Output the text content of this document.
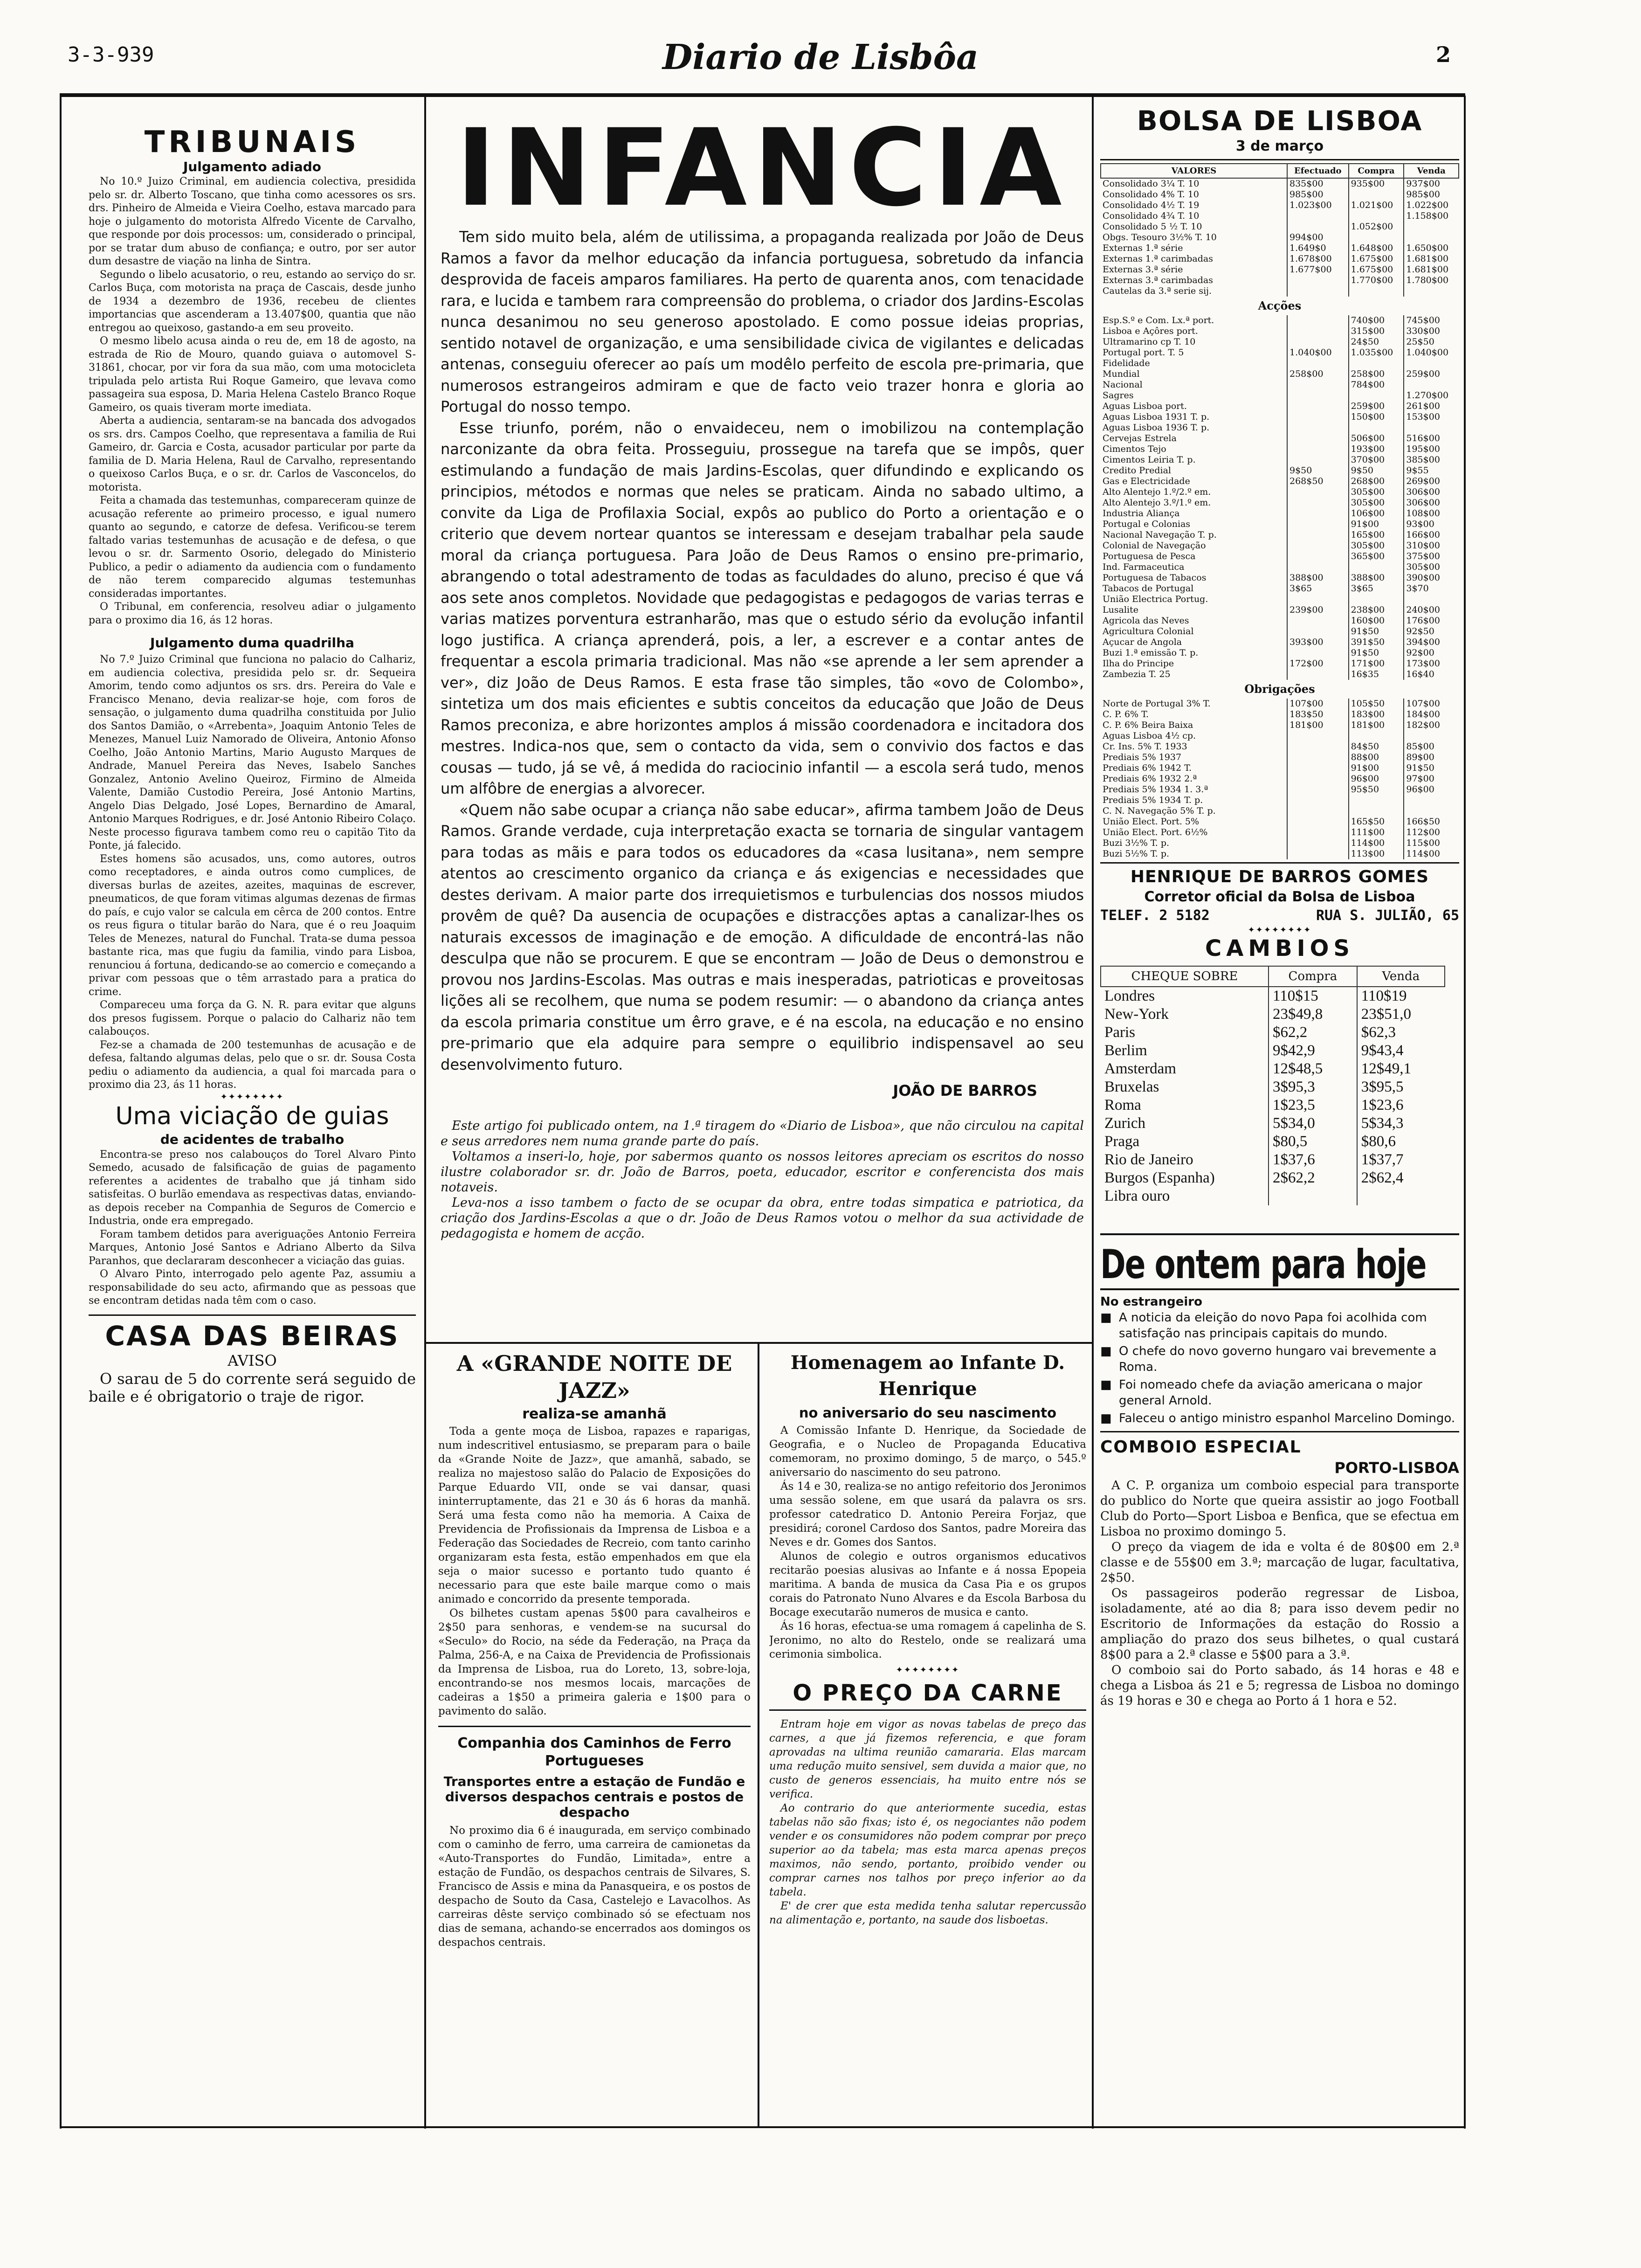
3-3-939	Diario de Lisbôa	2
TRIBUNAIS
Julgamento adiado

No 10.º Juizo Criminal, em audiencia colectiva, presidida pelo sr. dr. Alberto Toscano, que tinha como acessores os srs. drs. Pinheiro de Almeida e Vieira Coelho, estava marcado para hoje o julgamento do motorista Alfredo Vicente de Carvalho, que responde por dois processos: um, considerado o principal, por se tratar dum abuso de confiança; e outro, por ser autor dum desastre de viação na linha de Sintra.

Segundo o libelo acusatorio, o reu, estando ao serviço do sr. Carlos Buça, com motorista na praça de Cascais, desde junho de 1934 a dezembro de 1936, recebeu de clientes importancias que ascenderam a 13.407$00, quantia que não entregou ao queixoso, gastando-a em seu proveito.

O mesmo libelo acusa ainda o reu de, em 18 de agosto, na estrada de Rio de Mouro, quando guiava o automovel S-31861, chocar, por vir fora da sua mão, com uma motocicleta tripulada pelo artista Rui Roque Gameiro, que levava como passageira sua esposa, D. Maria Helena Castelo Branco Roque Gameiro, os quais tiveram morte imediata.

Aberta a audiencia, sentaram-se na bancada dos advogados os srs. drs. Campos Coelho, que representava a familia de Rui Gameiro, dr. Garcia e Costa, acusador particular por parte da familia de D. Maria Helena, Raul de Carvalho, representando o queixoso Carlos Buça, e o sr. dr. Carlos de Vasconcelos, do motorista.

Feita a chamada das testemunhas, compareceram quinze de acusação referente ao primeiro processo, e igual numero quanto ao segundo, e catorze de defesa. Verificou-se terem faltado varias testemunhas de acusação e de defesa, o que levou o sr. dr. Sarmento Osorio, delegado do Ministerio Publico, a pedir o adiamento da audiencia com o fundamento de não terem comparecido algumas testemunhas consideradas importantes.

O Tribunal, em conferencia, resolveu adiar o julgamento para o proximo dia 16, ás 12 horas.

Julgamento duma quadrilha

No 7.º Juizo Criminal que funciona no palacio do Calhariz, em audiencia colectiva, presidida pelo sr. dr. Sequeira Amorim, tendo como adjuntos os srs. drs. Pereira do Vale e Francisco Menano, devia realizar-se hoje, com foros de sensação, o julgamento duma quadrilha constituida por Julio dos Santos Damião, o «Arrebenta», Joaquim Antonio Teles de Menezes, Manuel Luiz Namorado de Oliveira, Antonio Afonso Coelho, João Antonio Martins, Mario Augusto Marques de Andrade, Manuel Pereira das Neves, Isabelo Sanches Gonzalez, Antonio Avelino Queiroz, Firmino de Almeida Valente, Damião Custodio Pereira, José Antonio Martins, Angelo Dias Delgado, José Lopes, Bernardino de Amaral, Antonio Marques Rodrigues, e dr. José Antonio Ribeiro Colaço. Neste processo figurava tambem como reu o capitão Tito da Ponte, já falecido.

Estes homens são acusados, uns, como autores, outros como receptadores, e ainda outros como cumplices, de diversas burlas de azeites, azeites, maquinas de escrever, pneumaticos, de que foram vitimas algumas dezenas de firmas do país, e cujo valor se calcula em cêrca de 200 contos. Entre os reus figura o titular barão do Nara, que é o reu Joaquim Teles de Menezes, natural do Funchal. Trata-se duma pessoa bastante rica, mas que fugiu da familia, vindo para Lisboa, renunciou á fortuna, dedicando-se ao comercio e começando a privar com pessoas que o têm arrastado para a pratica do crime.

Compareceu uma força da G. N. R. para evitar que alguns dos presos fugissem. Porque o palacio do Calhariz não tem calabouços.

Fez-se a chamada de 200 testemunhas de acusação e de defesa, faltando algumas delas, pelo que o sr. dr. Sousa Costa pediu o adiamento da audiencia, a qual foi marcada para o proximo dia 23, ás 11 horas.

✦✦✦✦✦✦✦✦
Uma viciação de guias
de acidentes de trabalho

Encontra-se preso nos calabouços do Torel Alvaro Pinto Semedo, acusado de falsificação de guias de pagamento referentes a acidentes de trabalho que já tinham sido satisfeitas. O burlão emendava as respectivas datas, enviando-as depois receber na Companhia de Seguros de Comercio e Industria, onde era empregado.

Foram tambem detidos para averiguações Antonio Ferreira Marques, Antonio José Santos e Adriano Alberto da Silva Paranhos, que declararam desconhecer a viciação das guias.

O Alvaro Pinto, interrogado pelo agente Paz, assumiu a responsabilidade do seu acto, afirmando que as pessoas que se encontram detidas nada têm com o caso.

CASA DAS BEIRAS
AVISO

O sarau de 5 do corrente será seguido de baile e é obrigatorio o traje de rigor.

INFANCIA

Tem sido muito bela, além de utilissima, a propaganda realizada por João de Deus Ramos a favor da melhor educação da infancia portuguesa, sobretudo da infancia desprovida de faceis amparos familiares. Ha perto de quarenta anos, com tenacidade rara, e lucida e tambem rara compreensão do problema, o criador dos Jardins-Escolas nunca desanimou no seu generoso apostolado. E como possue ideias proprias, sentido notavel de organização, e uma sensibilidade civica de vigilantes e delicadas antenas, conseguiu oferecer ao país um modêlo perfeito de escola pre-primaria, que numerosos estrangeiros admiram e que de facto veio trazer honra e gloria ao Portugal do nosso tempo.

Esse triunfo, porém, não o envaideceu, nem o imobilizou na contemplação narconizante da obra feita. Prosseguiu, prossegue na tarefa que se impôs, quer estimulando a fundação de mais Jardins-Escolas, quer difundindo e explicando os principios, métodos e normas que neles se praticam. Ainda no sabado ultimo, a convite da Liga de Profilaxia Social, expôs ao publico do Porto a orientação e o criterio que devem nortear quantos se interessam e desejam trabalhar pela saude moral da criança portuguesa. Para João de Deus Ramos o ensino pre-primario, abrangendo o total adestramento de todas as faculdades do aluno, preciso é que vá aos sete anos completos. Novidade que pedagogistas e pedagogos de varias terras e varias matizes porventura estranharão, mas que o estudo sério da evolução infantil logo justifica. A criança aprenderá, pois, a ler, a escrever e a contar antes de frequentar a escola primaria tradicional. Mas não «se aprende a ler sem aprender a ver», diz João de Deus Ramos. E esta frase tão simples, tão «ovo de Colombo», sintetiza um dos mais eficientes e subtis conceitos da educação que João de Deus Ramos preconiza, e abre horizontes amplos á missão coordenadora e incitadora dos mestres. Indica-nos que, sem o contacto da vida, sem o convivio dos factos e das cousas — tudo, já se vê, á medida do raciocinio infantil — a escola será tudo, menos um alfôbre de energias a alvorecer.

«Quem não sabe ocupar a criança não sabe educar», afirma tambem João de Deus Ramos. Grande verdade, cuja interpretação exacta se tornaria de singular vantagem para todas as mãis e para todos os educadores da «casa lusitana», nem sempre atentos ao crescimento organico da criança e ás exigencias e necessidades que destes derivam. A maior parte dos irrequietismos e turbulencias dos nossos miudos provêm de quê? Da ausencia de ocupações e distracções aptas a canalizar-lhes os naturais excessos de imaginação e de emoção. A dificuldade de encontrá-las não desculpa que não se procurem. E que se encontram — João de Deus o demonstrou e provou nos Jardins-Escolas. Mas outras e mais inesperadas, patrioticas e proveitosas lições ali se recolhem, que numa se podem resumir: — o abandono da criança antes da escola primaria constitue um êrro grave, e é na escola, na educação e no ensino pre-primario que ela adquire para sempre o equilibrio indispensavel ao seu desenvolvimento futuro.

JOÃO DE BARROS

Este artigo foi publicado ontem, na 1.ª tiragem do «Diario de Lisboa», que não circulou na capital e seus arredores nem numa grande parte do país.

Voltamos a inseri-lo, hoje, por sabermos quanto os nossos leitores apreciam os escritos do nosso ilustre colaborador sr. dr. João de Barros, poeta, educador, escritor e conferencista dos mais notaveis.

Leva-nos a isso tambem o facto de se ocupar da obra, entre todas simpatica e patriotica, da criação dos Jardins-Escolas a que o dr. João de Deus Ramos votou o melhor da sua actividade de pedagogista e homem de acção.

A «GRANDE NOITE DE JAZZ»
realiza-se amanhã

Toda a gente moça de Lisboa, rapazes e raparigas, num indescritivel entusiasmo, se preparam para o baile da «Grande Noite de Jazz», que amanhã, sabado, se realiza no majestoso salão do Palacio de Exposições do Parque Eduardo VII, onde se vai dansar, quasi ininterruptamente, das 21 e 30 ás 6 horas da manhã. Será uma festa como não ha memoria. A Caixa de Previdencia de Profissionais da Imprensa de Lisboa e a Federação das Sociedades de Recreio, com tanto carinho organizaram esta festa, estão empenhados em que ela seja o maior sucesso e portanto tudo quanto é necessario para que este baile marque como o mais animado e concorrido da presente temporada.

Os bilhetes custam apenas 5$00 para cavalheiros e 2$50 para senhoras, e vendem-se na sucursal do «Seculo» do Rocio, na séde da Federação, na Praça da Palma, 256-A, e na Caixa de Previdencia de Profissionais da Imprensa de Lisboa, rua do Loreto, 13, sobre-loja, encontrando-se nos mesmos locais, marcações de cadeiras a 1$50 a primeira galeria e 1$00 para o pavimento do salão.

Companhia dos Caminhos de Ferro Portugueses
Transportes entre a estação de Fundão e diversos despachos centrais e postos de despacho

No proximo dia 6 é inaugurada, em serviço combinado com o caminho de ferro, uma carreira de camionetas da «Auto-Transportes do Fundão, Limitada», entre a estação de Fundão, os despachos centrais de Silvares, S. Francisco de Assis e mina da Panasqueira, e os postos de despacho de Souto da Casa, Castelejo e Lavacolhos. As carreiras dêste serviço combinado só se efectuam nos dias de semana, achando-se encerrados aos domingos os despachos centrais.

Homenagem ao Infante D. Henrique
no aniversario do seu nascimento

A Comissão Infante D. Henrique, da Sociedade de Geografia, e o Nucleo de Propaganda Educativa comemoram, no proximo domingo, 5 de março, o 545.º aniversario do nascimento do seu patrono.

Ás 14 e 30, realiza-se no antigo refeitorio dos Jeronimos uma sessão solene, em que usará da palavra os srs. professor catedratico D. Antonio Pereira Forjaz, que presidirá; coronel Cardoso dos Santos, padre Moreira das Neves e dr. Gomes dos Santos.

Alunos de colegio e outros organismos educativos recitarão poesias alusivas ao Infante e á nossa Epopeia maritima. A banda de musica da Casa Pia e os grupos corais do Patronato Nuno Alvares e da Escola Barbosa du Bocage executarão numeros de musica e canto.

Ás 16 horas, efectua-se uma romagem á capelinha de S. Jeronimo, no alto do Restelo, onde se realizará uma cerimonia simbolica.

✦✦✦✦✦✦✦✦
O PREÇO DA CARNE

Entram hoje em vigor as novas tabelas de preço das carnes, a que já fizemos referencia, e que foram aprovadas na ultima reunião camararia. Elas marcam uma redução muito sensivel, sem duvida a maior que, no custo de generos essenciais, ha muito entre nós se verifica.

Ao contrario do que anteriormente sucedia, estas tabelas não são fixas; isto é, os negociantes não podem vender e os consumidores não podem comprar por preço superior ao da tabela; mas esta marca apenas preços maximos, não sendo, portanto, proibido vender ou comprar carnes nos talhos por preço inferior ao da tabela.

E' de crer que esta medida tenha salutar repercussão na alimentação e, portanto, na saude dos lisboetas.

BOLSA DE LISBOA
3 de março
VALORES	Efectuado	Compra	Venda
Consolidado 3¼ T. 10	835$00	935$00	937$00
Consolidado 4% T. 10	985$00		985$00
Consolidado 4½ T. 19	1.023$00	1.021$00	1.022$00
Consolidado 4¾ T. 10			1.158$00
Consolidado 5 ½ T. 10		1.052$00	
Obgs. Tesouro 3½% T. 10	994$00		
Externas 1.ª série	1.649$0	1.648$00	1.650$00
Externas 1.ª carimbadas	1.678$00	1.675$00	1.681$00
Externas 3.ª série	1.677$00	1.675$00	1.681$00
Externas 3.ª carimbadas		1.770$00	1.780$00
Cautelas da 3.ª serie sij.			
Acções			
Esp.S.º e Com. Lx.ª port.		740$00	745$00
Lisboa e Açôres port.		315$00	330$00
Ultramarino cp T. 10		24$50	25$50
Portugal port. T. 5	1.040$00	1.035$00	1.040$00
Fidelidade			
Mundial	258$00	258$00	259$00
Nacional		784$00	
Sagres			1.270$00
Aguas Lisboa port.		259$00	261$00
Aguas Lisboa 1931 T. p.		150$00	153$00
Aguas Lisboa 1936 T. p.			
Cervejas Estrela		506$00	516$00
Cimentos Tejo		193$00	195$00
Cimentos Leiria T. p.		370$00	385$00
Credito Predial	9$50	9$50	9$55
Gas e Electricidade	268$50	268$00	269$00
Alto Alentejo 1.º/2.º em.		305$00	306$00
Alto Alentejo 3.º/1.º em.		305$00	306$00
Industria Aliança		106$00	108$00
Portugal e Colonias		91$00	93$00
Nacional Navegação T. p.		165$00	166$00
Colonial de Navegação		305$00	310$00
Portuguesa de Pesca		365$00	375$00
Ind. Farmaceutica			305$00
Portuguesa de Tabacos	388$00	388$00	390$00
Tabacos de Portugal	3$65	3$65	3$70
União Electrica Portug.			
Lusalite	239$00	238$00	240$00
Agricola das Neves		160$00	176$00
Agricultura Colonial		91$50	92$50
Açucar de Angola	393$00	391$50	394$00
Buzi 1.ª emissão T. p.		91$50	92$00
Ilha do Principe	172$00	171$00	173$00
Zambezia T. 25		16$35	16$40
Obrigações			
Norte de Portugal 3% T.	107$00	105$50	107$00
C. P. 6% T.	183$50	183$00	184$00
C. P. 6% Beira Baixa	181$00	181$00	182$00
Aguas Lisboa 4½ cp.			
Cr. Ins. 5% T. 1933		84$50	85$00
Prediais 5% 1937		88$00	89$00
Prediais 6% 1942 T.		91$00	91$50
Prediais 6% 1932 2.ª		96$00	97$00
Prediais 5% 1934 1. 3.ª		95$50	96$00
Prediais 5% 1934 T. p.			
C. N. Navegação 5% T. p.			
União Elect. Port. 5%		165$50	166$50
União Elect. Port. 6½%		111$00	112$00
Buzi 3½% T. p.		114$00	115$00
Buzi 5½% T. p.		113$00	114$00
HENRIQUE DE BARROS GOMES
Corretor oficial da Bolsa de Lisboa
TELEF. 2 5182	RUA S. JULIÃO, 65
✦✦✦✦✦✦✦✦
CAMBIOS
CHEQUE SOBRE	Compra	Venda
Londres	110$15	110$19
New-York	23$49,8	23$51,0
Paris	$62,2	$62,3
Berlim	9$42,9	9$43,4
Amsterdam	12$48,5	12$49,1
Bruxelas	3$95,3	3$95,5
Roma	1$23,5	1$23,6
Zurich	5$34,0	5$34,3
Praga	$80,5	$80,6
Rio de Janeiro	1$37,6	1$37,7
Burgos (Espanha)	2$62,2	2$62,4
Libra ouro		
De ontem para hoje
No estrangeiro
■ A noticia da eleição do novo Papa foi acolhida com satisfação nas principais capitais do mundo.
■ O chefe do novo governo hungaro vai brevemente a Roma.
■ Foi nomeado chefe da aviação americana o major general Arnold.
■ Faleceu o antigo ministro espanhol Marcelino Domingo.
COMBOIO ESPECIAL
PORTO-LISBOA

A C. P. organiza um comboio especial para transporte do publico do Norte que queira assistir ao jogo Football Club do Porto—Sport Lisboa e Benfica, que se efectua em Lisboa no proximo domingo 5.

O preço da viagem de ida e volta é de 80$00 em 2.ª classe e de 55$00 em 3.ª; marcação de lugar, facultativa, 2$50.

Os passageiros poderão regressar de Lisboa, isoladamente, até ao dia 8; para isso devem pedir no Escritorio de Informações da estação do Rossio a ampliação do prazo dos seus bilhetes, o qual custará 8$00 para a 2.ª classe e 5$00 para a 3.ª.

O comboio sai do Porto sabado, ás 14 horas e 48 e chega a Lisboa ás 21 e 5; regressa de Lisboa no domingo ás 19 horas e 30 e chega ao Porto á 1 hora e 52.
